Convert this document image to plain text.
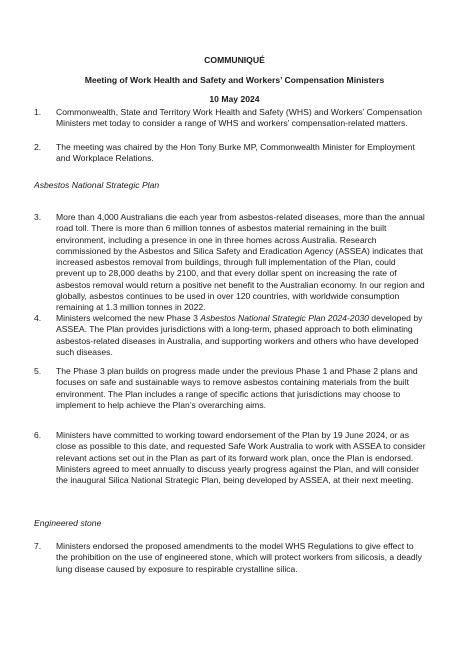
COMMUNIQUÉ
Meeting of Work Health and Safety and Workers’ Compensation Ministers
10 May 2024
1. Commonwealth, State and Territory Work Health and Safety (WHS) and Workers’ Compensation Ministers met today to consider a range of WHS and workers’ compensation-related matters.
2. The meeting was chaired by the Hon Tony Burke MP, Commonwealth Minister for Employment and Workplace Relations.
Asbestos National Strategic Plan
3. More than 4,000 Australians die each year from asbestos-related diseases, more than the annual road toll. There is more than 6 million tonnes of asbestos material remaining in the built environment, including a presence in one in three homes across Australia. Research commissioned by the Asbestos and Silica Safety and Eradication Agency (ASSEA) indicates that increased asbestos removal from buildings, through full implementation of the Plan, could prevent up to 28,000 deaths by 2100, and that every dollar spent on increasing the rate of asbestos removal would return a positive net benefit to the Australian economy. In our region and globally, asbestos continues to be used in over 120 countries, with worldwide consumption remaining at 1.3 million tonnes in 2022.
4. Ministers welcomed the new Phase 3 Asbestos National Strategic Plan 2024-2030 developed by ASSEA. The Plan provides jurisdictions with a long-term, phased approach to both eliminating asbestos-related diseases in Australia, and supporting workers and others who have developed such diseases.
5. The Phase 3 plan builds on progress made under the previous Phase 1 and Phase 2 plans and focuses on safe and sustainable ways to remove asbestos containing materials from the built environment. The Plan includes a range of specific actions that jurisdictions may choose to implement to help achieve the Plan’s overarching aims.
6. Ministers have committed to working toward endorsement of the Plan by 19 June 2024, or as close as possible to this date, and requested Safe Work Australia to work with ASSEA to consider relevant actions set out in the Plan as part of its forward work plan, once the Plan is endorsed. Ministers agreed to meet annually to discuss yearly progress against the Plan, and will consider the inaugural Silica National Strategic Plan, being developed by ASSEA, at their next meeting.
Engineered stone
7. Ministers endorsed the proposed amendments to the model WHS Regulations to give effect to the prohibition on the use of engineered stone, which will protect workers from silicosis, a deadly lung disease caused by exposure to respirable crystalline silica.
